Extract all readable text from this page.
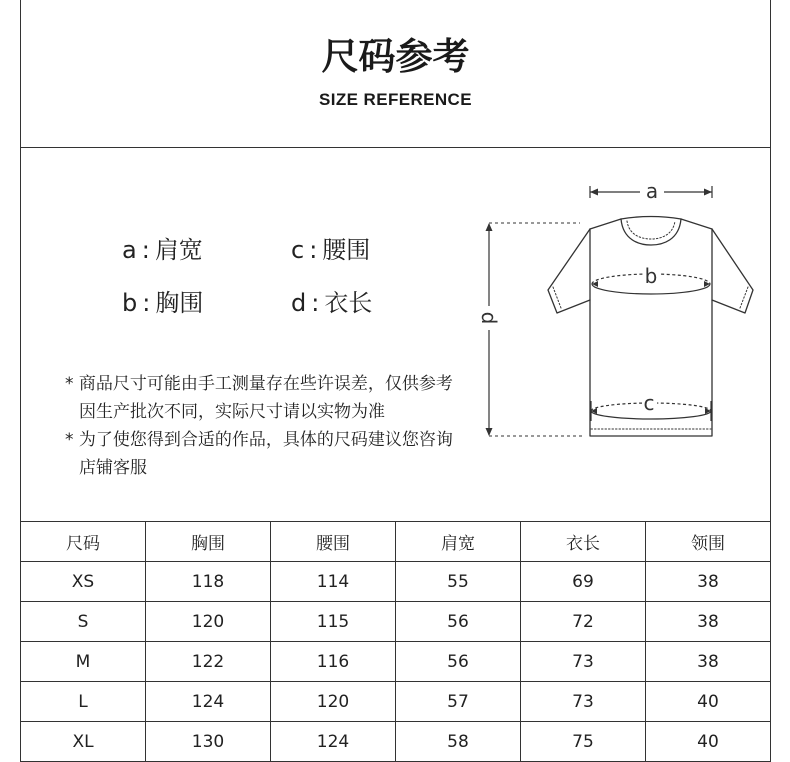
尺码参考
SIZE REFERENCE
a : 肩宽
b : 胸围
c : 腰围
d : 衣长
* 商品尺寸可能由手工测量存在些许误差，仅供参考
因生产批次不同，实际尺寸请以实物为准
* 为了使您得到合适的作品，具体的尺码建议您咨询
店铺客服
a
d
b
c
尺码	胸围	腰围	肩宽	衣长	领围
XS	118	114	55	69	38
S	120	115	56	72	38
M	122	116	56	73	38
L	124	120	57	73	40
XL	130	124	58	75	40
